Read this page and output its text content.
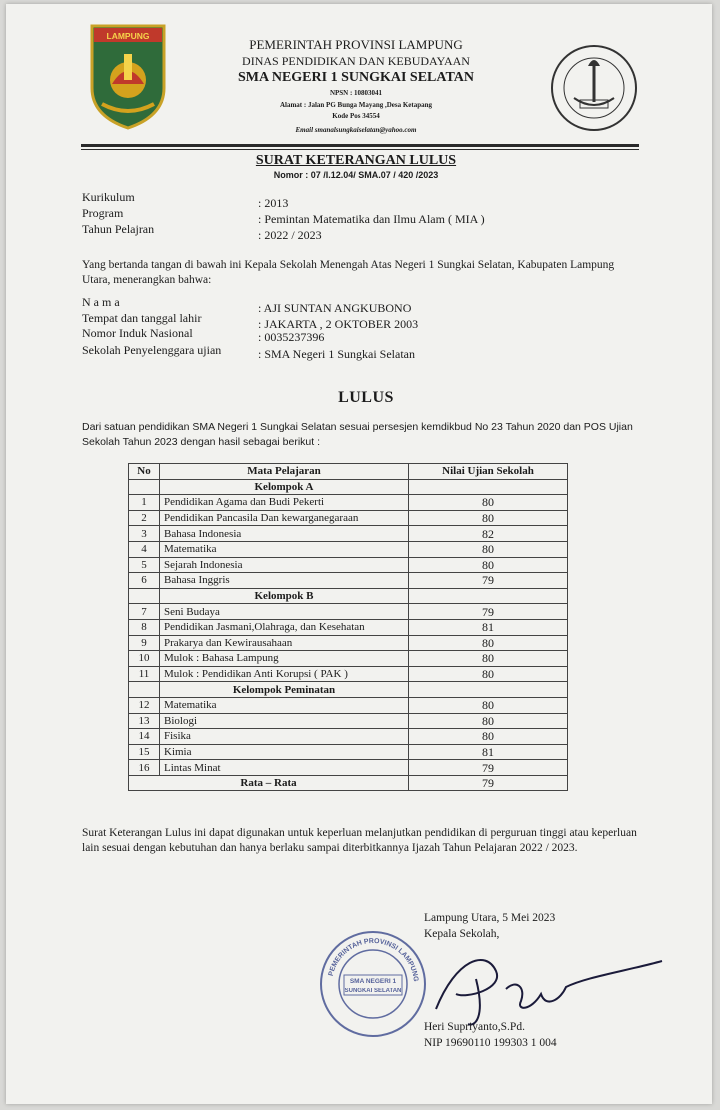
LAMPUNG
PEMERINTAH PROVINSI LAMPUNG
DINAS PENDIDIKAN DAN KEBUDAYAAN
SMA NEGERI 1 SUNGKAI SELATAN
NPSN : 10803041
Alamat : Jalan PG Bunga Mayang ,Desa Ketapang
Kode Pos 34554
Email smanalsungkaiselatan@yahoo.com
SURAT KETERANGAN LULUS
Nomor : 07 /I.12.04/ SMA.07 / 420 /2023
Kurikulum	: 2013
Program	: Pemintan Matematika dan Ilmu Alam ( MIA )
Tahun Pelajran	: 2022 / 2023
Yang bertanda tangan di bawah ini Kepala Sekolah Menengah Atas Negeri 1 Sungkai Selatan, Kabupaten Lampung Utara, menerangkan bahwa:
N a m a	: AJI SUNTAN ANGKUBONO
Tempat dan tanggal lahir	: JAKARTA , 2 OKTOBER 2003
Nomor Induk Nasional	: 0035237396
Sekolah Penyelenggara ujian	: SMA Negeri 1 Sungkai Selatan
LULUS
Dari satuan pendidikan SMA Negeri 1 Sungkai Selatan sesuai persesjen kemdikbud No 23 Tahun 2020 dan POS Ujian Sekolah Tahun 2023 dengan hasil sebagai berikut :
No	Mata Pelajaran	Nilai Ujian Sekolah
	Kelompok A	
1	Pendidikan Agama dan Budi Pekerti	80
2	Pendidikan Pancasila Dan kewarganegaraan	80
3	Bahasa Indonesia	82
4	Matematika	80
5	Sejarah Indonesia	80
6	Bahasa Inggris	79
	Kelompok B	
7	Seni Budaya	79
8	Pendidikan Jasmani,Olahraga, dan Kesehatan	81
9	Prakarya dan Kewirausahaan	80
10	Mulok : Bahasa Lampung	80
11	Mulok : Pendidikan Anti Korupsi ( PAK )	80
	Kelompok Peminatan	
12	Matematika	80
13	Biologi	80
14	Fisika	80
15	Kimia	81
16	Lintas Minat	79
Rata – Rata		79
Surat Keterangan Lulus ini dapat digunakan untuk keperluan melanjutkan pendidikan di perguruan tinggi atau keperluan lain sesuai dengan kebutuhan dan hanya berlaku sampai diterbitkannya Ijazah Tahun Pelajaran 2022 / 2023.
Lampung Utara, 5 Mei 2023
Kepala Sekolah,
PEMERINTAH PROVINSI LAMPUNG
SMA NEGERI 1
SUNGKAI SELATAN
Heri Supriyanto,S.Pd.
NIP 19690110 199303 1 004
